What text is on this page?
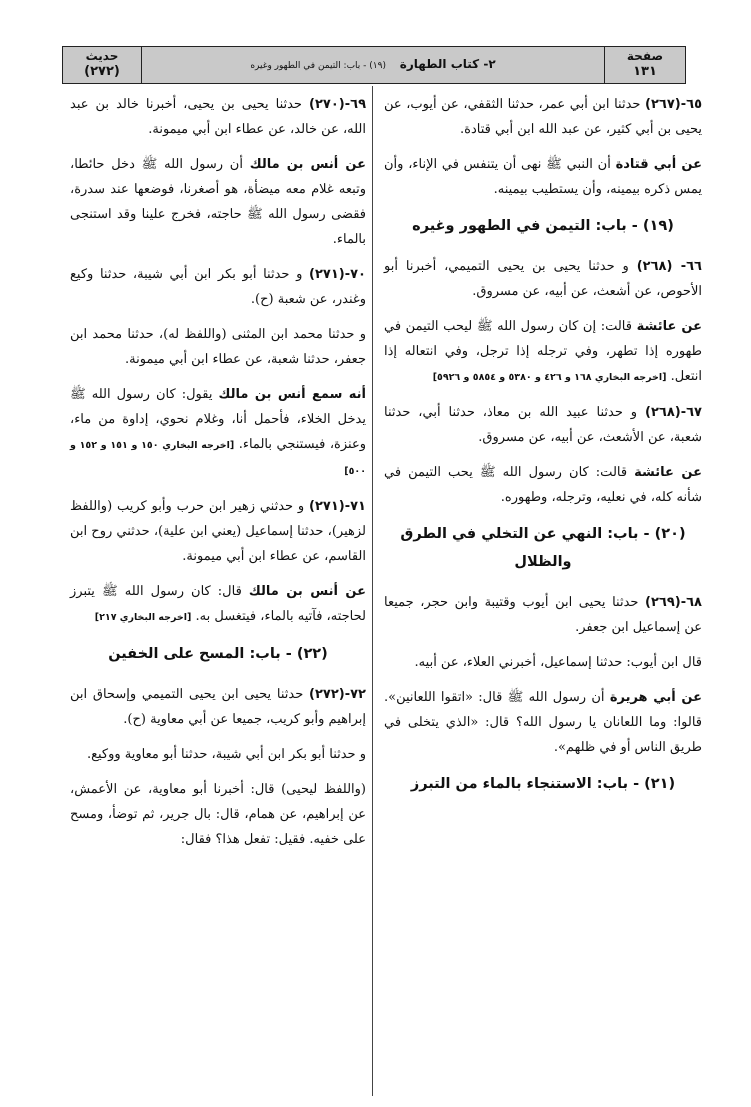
صفحة
١٣١
٢- كتاب الطهارة (١٩) - باب: التيمن في الطهور وغيره
حديث
(٢٧٢)
٦٥-(٢٦٧) حدثنا ابن أبي عمر، حدثنا الثقفي، عن أيوب، عن يحيى بن أبي كثير، عن عبد الله ابن أبي قتادة.
عن أبي قتادة أن النبي ﷺ نهى أن يتنفس في الإناء، وأن يمس ذكره بيمينه، وأن يستطيب بيمينه.
(١٩) - باب: التيمن في الطهور وغيره
٦٦- (٢٦٨) و حدثنا يحيى بن يحيى التميمي، أخبرنا أبو الأحوص، عن أشعث، عن أبيه، عن مسروق.
عن عائشة قالت: إن كان رسول الله ﷺ ليحب التيمن في طهوره إذا تطهر، وفي ترجله إذا ترجل، وفي انتعاله إذا انتعل. [اخرجه البخاري ١٦٨ و ٤٢٦ و ٥٣٨٠ و ٥٨٥٤ و ٥٩٢٦]
٦٧-(٢٦٨) و حدثنا عبيد الله بن معاذ، حدثنا أبي، حدثنا شعبة، عن الأشعث، عن أبيه، عن مسروق.
عن عائشة قالت: كان رسول الله ﷺ يحب التيمن في شأنه كله، في نعليه، وترجله، وطهوره.
(٢٠) - باب: النهي عن التخلي في الطرق والظلال
٦٨-(٢٦٩) حدثنا يحيى ابن أيوب وقتيبة وابن حجر، جميعا عن إسماعيل ابن جعفر.
قال ابن أيوب: حدثنا إسماعيل، أخبرني العلاء، عن أبيه.
عن أبي هريرة أن رسول الله ﷺ قال: «اتقوا اللعانين». قالوا: وما اللعانان يا رسول الله؟ قال: «الذي يتخلى في طريق الناس أو في ظلهم».
(٢١) - باب: الاستنجاء بالماء من التبرز
٦٩-(٢٧٠) حدثنا يحيى بن يحيى، أخبرنا خالد بن عبد الله، عن خالد، عن عطاء ابن أبي ميمونة.
عن أنس بن مالك أن رسول الله ﷺ دخل حائطا، وتبعه غلام معه ميضأة، هو أصغرنا، فوضعها عند سدرة، فقضى رسول الله ﷺ حاجته، فخرج علينا وقد استنجى بالماء.
٧٠-(٢٧١) و حدثنا أبو بكر ابن أبي شيبة، حدثنا وكيع وغندر، عن شعبة (ح).
و حدثنا محمد ابن المثنى (واللفظ له)، حدثنا محمد ابن جعفر، حدثنا شعبة، عن عطاء ابن أبي ميمونة.
أنه سمع أنس بن مالك يقول: كان رسول الله ﷺ يدخل الخلاء، فأحمل أنا، وغلام نحوي، إداوة من ماء، وعنزة، فيستنجي بالماء. [اخرجه البخاري ١٥٠ و ١٥١ و ١٥٢ و ٥٠٠]
٧١-(٢٧١) و حدثني زهير ابن حرب وأبو كريب (واللفظ لزهير)، حدثنا إسماعيل (يعني ابن علية)، حدثني روح ابن القاسم، عن عطاء ابن أبي ميمونة.
عن أنس بن مالك قال: كان رسول الله ﷺ يتبرز لحاجته، فآتيه بالماء، فيتغسل به. [اخرجه البخاري ٢١٧]
(٢٢) - باب: المسح على الخفين
٧٢-(٢٧٢) حدثنا يحيى ابن يحيى التميمي وإسحاق ابن إبراهيم وأبو كريب، جميعا عن أبي معاوية (ح).
و حدثنا أبو بكر ابن أبي شيبة، حدثنا أبو معاوية ووكيع.
(واللفظ ليحيى) قال: أخبرنا أبو معاوية، عن الأعمش، عن إبراهيم، عن همام، قال: بال جرير، ثم توضأ، ومسح على خفيه. فقيل: تفعل هذا؟ فقال:
